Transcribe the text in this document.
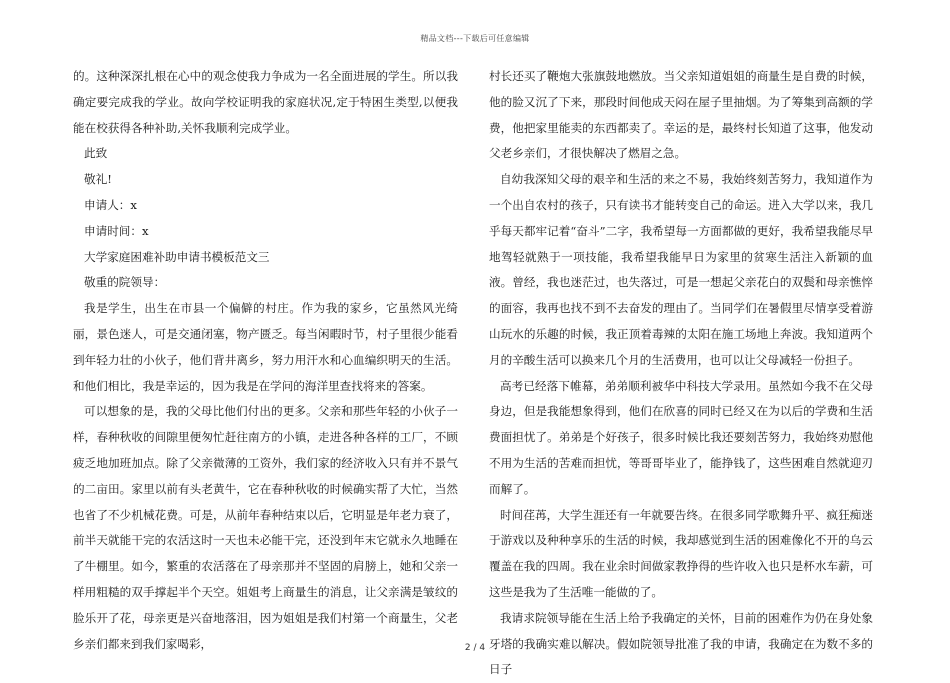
精品文档---下载后可任意编辑

的。这种深深扎根在心中的观念使我力争成为一名全面进展的学生。所以我确定要完成我的学业。故向学校证明我的家庭状况,定于特困生类型,以便我能在校获得各种补助,关怀我顺利完成学业。

此致

敬礼!

申请人：x

申请时间：x

大学家庭困难补助申请书模板范文三

敬重的院领导：

我是学生，出生在市县一个偏僻的村庄。作为我的家乡，它虽然风光绮丽，景色迷人，可是交通闭塞，物产匮乏。每当闲暇时节，村子里很少能看到年轻力壮的小伙子，他们背井离乡，努力用汗水和心血编织明天的生活。和他们相比，我是幸运的，因为我是在学问的海洋里查找将来的答案。

可以想象的是，我的父母比他们付出的更多。父亲和那些年轻的小伙子一样，春种秋收的间隙里便匆忙赶往南方的小镇，走进各种各样的工厂，不顾疲乏地加班加点。除了父亲微薄的工资外，我们家的经济收入只有并不景气的二亩田。家里以前有头老黄牛，它在春种秋收的时候确实帮了大忙，当然也省了不少机械花费。可是，从前年春种结束以后，它明显是年老力衰了，前半天就能干完的农活这时一天也未必能干完，还没到年末它就永久地睡在了牛棚里。如今，繁重的农活落在了母亲那并不坚固的肩膀上，她和父亲一样用粗糙的双手撑起半个天空。姐姐考上商量生的消息，让父亲满是皱纹的脸乐开了花，母亲更是兴奋地落泪，因为姐姐是我们村第一个商量生，父老乡亲们都来到我们家喝彩，

村长还买了鞭炮大张旗鼓地燃放。当父亲知道姐姐的商量生是自费的时候，他的脸又沉了下来，那段时间他成天闷在屋子里抽烟。为了筹集到高额的学费，他把家里能卖的东西都卖了。幸运的是，最终村长知道了这事，他发动父老乡亲们，才很快解决了燃眉之急。

自幼我深知父母的艰辛和生活的来之不易，我始终刻苦努力，我知道作为一个出自农村的孩子，只有读书才能转变自己的命运。进入大学以来，我几乎每天都牢记着“奋斗”二字，我希望每一方面都做的更好，我希望我能尽早地驾轻就熟于一项技能，我希望我能早日为家里的贫寒生活注入新颖的血液。曾经，我也迷茫过，也失落过，可是一想起父亲花白的双鬓和母亲憔悴的面容，我再也找不到不去奋发的理由了。当同学们在暑假里尽情享受着游山玩水的乐趣的时候，我正顶着毒辣的太阳在施工场地上奔波。我知道两个月的辛酸生活可以换来几个月的生活费用，也可以让父母减轻一份担子。

高考已经落下帷幕，弟弟顺利被华中科技大学录用。虽然如今我不在父母身边，但是我能想象得到，他们在欣喜的同时已经又在为以后的学费和生活费面担忧了。弟弟是个好孩子，很多时候比我还要刻苦努力，我始终劝慰他不用为生活的苦难而担忧，等哥哥毕业了，能挣钱了，这些困难自然就迎刃而解了。

时间荏苒，大学生涯还有一年就要告终。在很多同学歌舞升平、疯狂痴迷于游戏以及种种享乐的生活的时候，我却感觉到生活的困难像化不开的乌云覆盖在我的四周。我在业余时间做家教挣得的些许收入也只是杯水车薪，可这些是我为了生活唯一能做的了。

我请求院领导能在生活上给予我确定的关怀，目前的困难作为仍在身处象牙塔的我确实难以解决。假如院领导批准了我的申请，我确定在为数不多的日子

2 / 4
